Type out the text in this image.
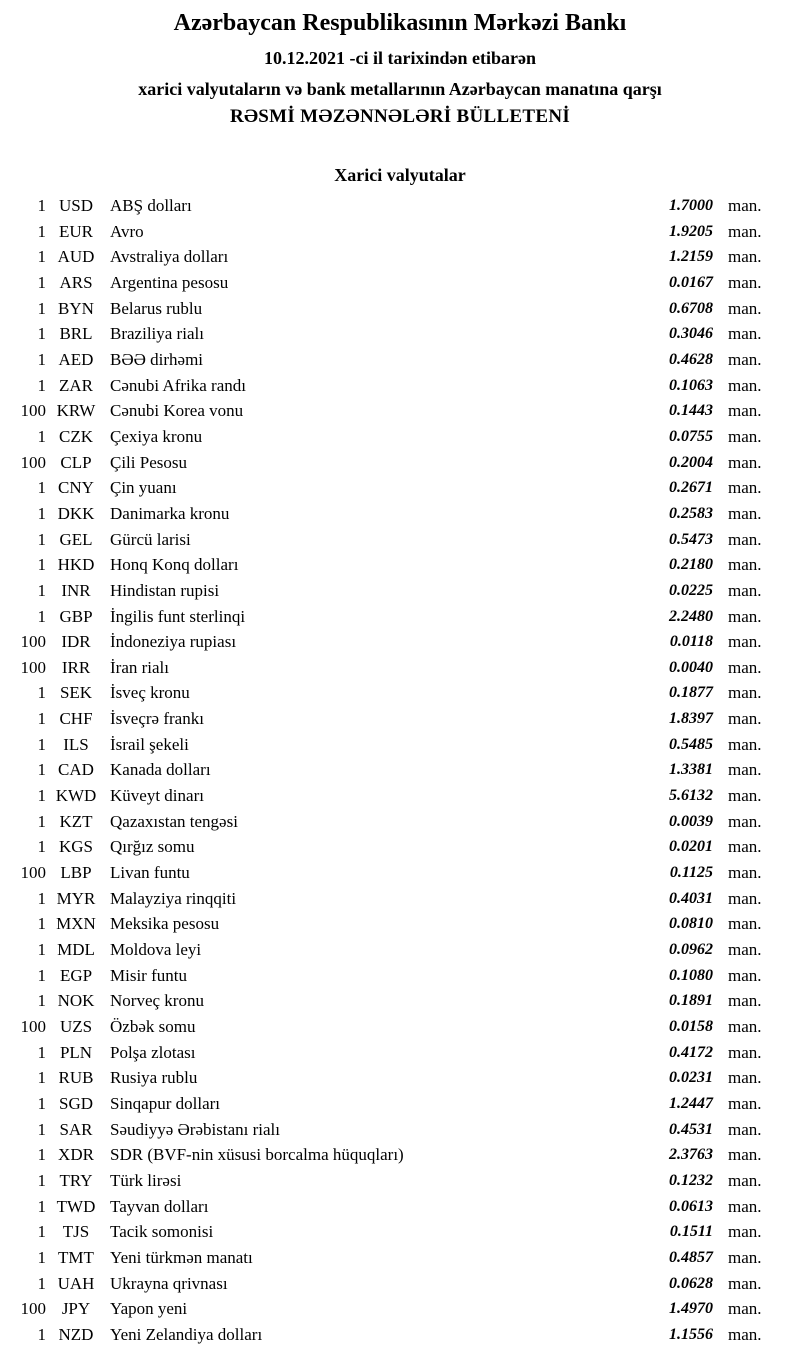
Azərbaycan Respublikasının Mərkəzi Bankı
10.12.2021 -ci il tarixindən etibarən
xarici valyutaların və bank metallarının Azərbaycan manatına qarşı
RƏSMİ MƏZƏNNƏLƏRİ BÜLLETENİ
Xarici valyutalar
1 USD	ABŞ dolları	1.7000 man.
1 EUR	Avro	1.9205 man.
1 AUD Avstraliya dolları	1.2159 man.
1 ARS	Argentina pesosu	0.0167 man.
1 BYN Belarus rublu	0.6708 man.
1 BRL	Braziliya rialı	0.3046 man.
1 AED BƏƏ dirhəmi	0.4628 man.
1 ZAR	Cənubi Afrika randı	0.1063 man.
100 KRW Cənubi Korea vonu	0.1443 man.
1 CZK	Çexiya kronu	0.0755 man.
100 CLP	Çili Pesosu	0.2004 man.
1 CNY Çin yuanı	0.2671 man.
1 DKK Danimarka kronu	0.2583 man.
1 GEL	Gürcü larisi	0.5473 man.
1 HKD Honq Konq dolları	0.2180 man.
1 INR	Hindistan rupisi	0.0225 man.
1 GBP	İngilis funt sterlinqi	2.2480 man.
100 IDR	İndoneziya rupiası	0.0118 man.
100 IRR	İran rialı	0.0040 man.
1 SEK	İsveç kronu	0.1877 man.
1 CHF	İsveçrə frankı	1.8397 man.
1	ILS	İsrail şekeli	0.5485 man.
1 CAD Kanada dolları	1.3381 man.
1 KWD Küveyt dinarı	5.6132 man.
1 KZT	Qazaxıstan tengəsi	0.0039 man.
1 KGS	Qırğız somu	0.0201 man.
100 LBP	Livan funtu	0.1125 man.
1 MYR Malayziya rinqqiti	0.4031 man.
1 MXN Meksika pesosu	0.0810 man.
1 MDL Moldova leyi	0.0962 man.
1 EGP	Misir funtu	0.1080 man.
1 NOK Norveç kronu	0.1891 man.
100 UZS	Özbək somu	0.0158 man.
1 PLN	Polşa zlotası	0.4172 man.
1 RUB Rusiya rublu	0.0231 man.
1 SGD	Sinqapur dolları	1.2447 man.
1 SAR	Səudiyyə Ərəbistanı rialı	0.4531 man.
1 XDR SDR (BVF-nin xüsusi borcalma hüquqları)	2.3763 man.
1 TRY	Türk lirəsi	0.1232 man.
1 TWD Tayvan dolları	0.0613 man.
1 TJS	Tacik somonisi	0.1511 man.
1 TMT Yeni türkmən manatı	0.4857 man.
1 UAH Ukrayna qrivnası	0.0628 man.
100 JPY	Yapon yeni	1.4970 man.
1 NZD Yeni Zelandiya dolları	1.1556 man.
